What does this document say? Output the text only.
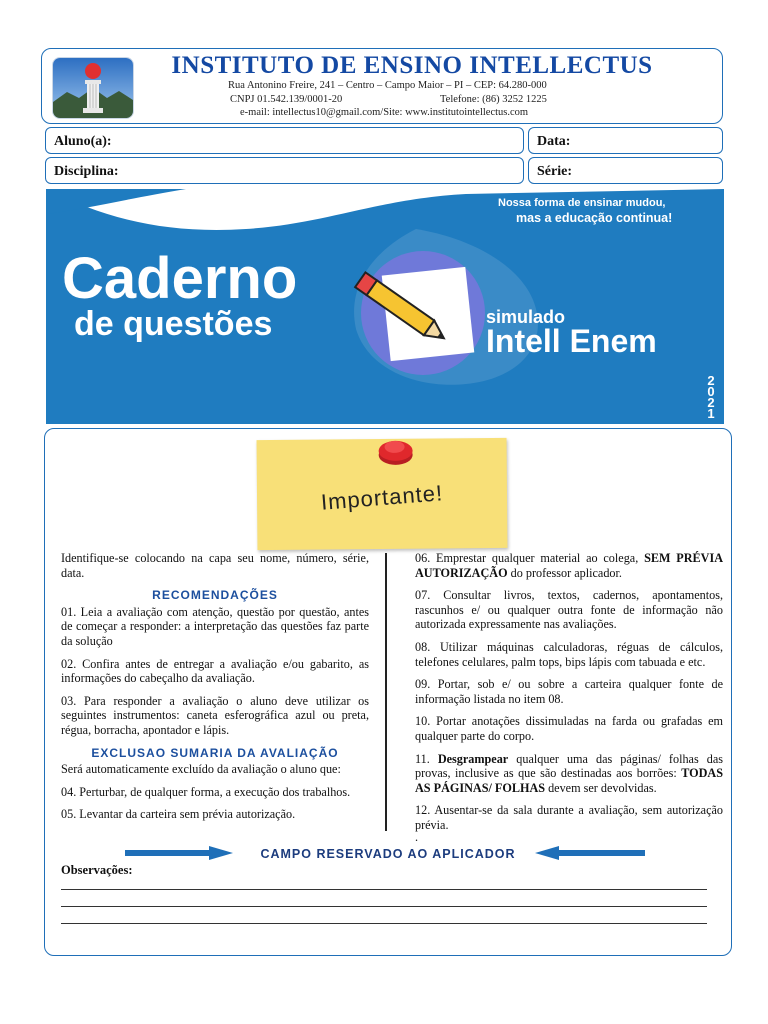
INSTITUTO DE ENSINO INTELLECTUS
Rua Antonino Freire, 241 – Centro – Campo Maior – PI – CEP: 64.280-000
CNPJ 01.542.139/0001-20	Telefone: (86) 3252 1225
e-mail: intellectus10@gmail.com/Site: www.institutointellectus.com
Aluno(a):	Data:
Disciplina:	Série:
Nossa forma de ensinar mudou,
mas a educação continua!
Caderno
de questões	simulado
Intell Enem
2021
Importante!

Identifique-se colocando na capa seu nome, número, série, data.

RECOMENDAÇÕES

01. Leia a avaliação com atenção, questão por questão, antes de começar a responder: a interpretação das questões faz parte da solução

02. Confira antes de entregar a avaliação e/ou gabarito, as informações do cabeçalho da avaliação.

03. Para responder a avaliação o aluno deve utilizar os seguintes instrumentos: caneta esferográfica azul ou preta, régua, borracha, apontador e lápis.

EXCLUSAO SUMARIA DA AVALIAÇÃO

Será automaticamente excluído da avaliação o aluno que:

04. Perturbar, de qualquer forma, a execução dos trabalhos.

05. Levantar da carteira sem prévia autorização.

06. Emprestar qualquer material ao colega, SEM PRÉVIA AUTORIZAÇÃO do professor aplicador.

07. Consultar livros, textos, cadernos, apontamentos, rascunhos e/ ou qualquer outra fonte de informação não autorizada expressamente nas avaliações.

08. Utilizar máquinas calculadoras, réguas de cálculos, telefones celulares, palm tops, bips lápis com tabuada e etc.

09. Portar, sob e/ ou sobre a carteira qualquer fonte de informação listada no item 08.

10. Portar anotações dissimuladas na farda ou grafadas em qualquer parte do corpo.

11. Desgrampear qualquer uma das páginas/ folhas das provas, inclusive as que são destinadas aos borrões: TODAS AS PÁGINAS/ FOLHAS devem ser devolvidas.

12. Ausentar-se da sala durante a avaliação, sem autorização prévia.

.

CAMPO RESERVADO AO APLICADOR
Observações:
